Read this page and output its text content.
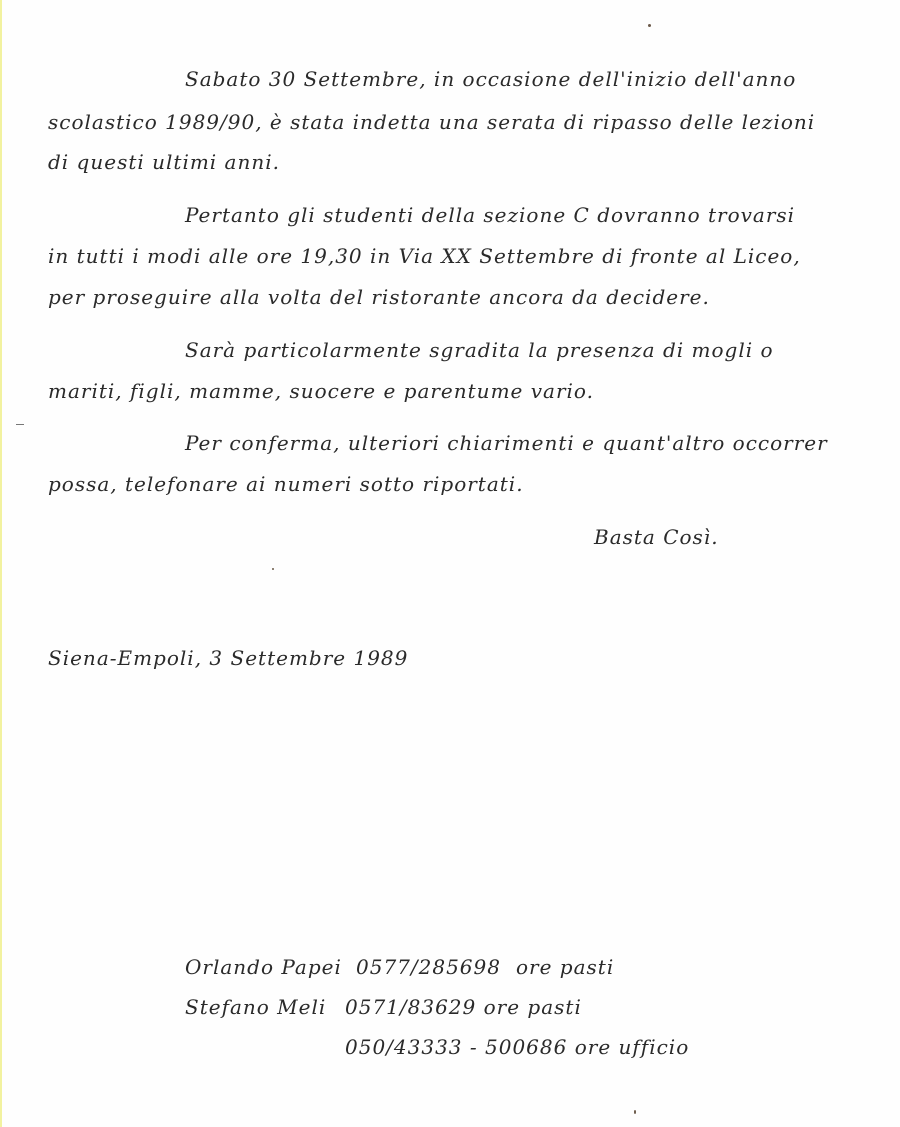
Sabato 30 Settembre, in occasione dell'inizio dell'anno
scolastico 1989/90, è stata indetta una serata di ripasso delle lezioni
di questi ultimi anni.
Pertanto gli studenti della sezione C dovranno trovarsi
in tutti i modi alle ore 19,30 in Via XX Settembre di fronte al Liceo,
per proseguire alla volta del ristorante ancora da decidere.
Sarà particolarmente sgradita la presenza di mogli o
mariti, figli, mamme, suocere e parentume vario.
Per conferma, ulteriori chiarimenti e quant'altro occorrer
possa, telefonare ai numeri sotto riportati.
Basta Così.
Siena-Empoli, 3 Settembre 1989
Orlando Papei 0577/285698 ore pasti
Stefano Meli 0571/83629 ore pasti
050/43333 - 500686 ore ufficio
